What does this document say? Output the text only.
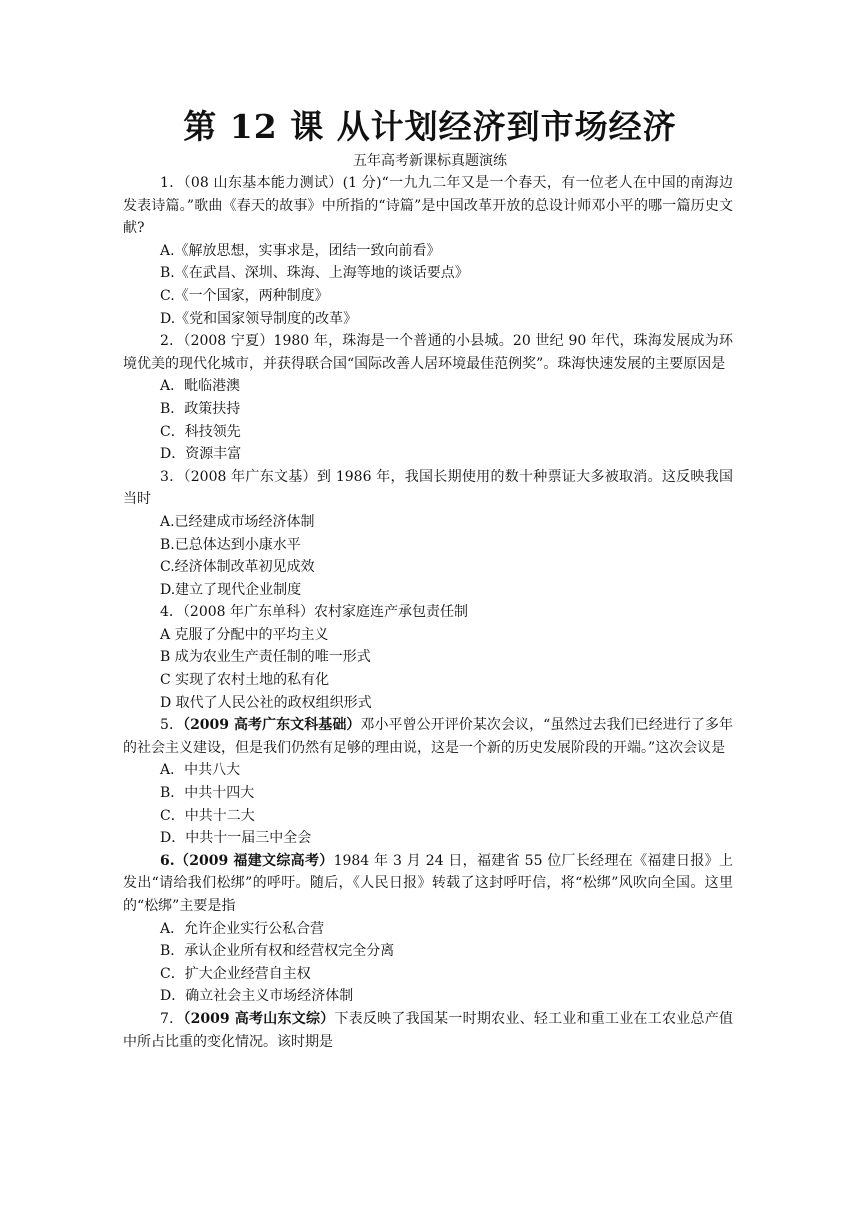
第 12 课 从计划经济到市场经济
五年高考新课标真题演练

1．（08 山东基本能力测试）(1 分)“一九九二年又是一个春天，有一位老人在中国的南海边发表诗篇。”歌曲《春天的故事》中所指的“诗篇”是中国改革开放的总设计师邓小平的哪一篇历史文献?

A.《解放思想，实事求是，团结一致向前看》

B.《在武昌、深圳、珠海、上海等地的谈话要点》

C.《一个国家，两种制度》

D.《党和国家领导制度的改革》

2．（2008 宁夏）1980 年，珠海是一个普通的小县城。20 世纪 90 年代，珠海发展成为环境优美的现代化城市，并获得联合国“国际改善人居环境最佳范例奖”。珠海快速发展的主要原因是

A．毗临港澳

B．政策扶持

C．科技领先

D．资源丰富

3．（2008 年广东文基）到 1986 年，我国长期使用的数十种票证大多被取消。这反映我国当时

A.已经建成市场经济体制

B.已总体达到小康水平

C.经济体制改革初见成效

D.建立了现代企业制度

4．（2008 年广东单科）农村家庭连产承包责任制

A 克服了分配中的平均主义

B 成为农业生产责任制的唯一形式

C 实现了农村土地的私有化

D 取代了人民公社的政权组织形式

5．（2009 高考广东文科基础）邓小平曾公开评价某次会议，“虽然过去我们已经进行了多年的社会主义建设，但是我们仍然有足够的理由说，这是一个新的历史发展阶段的开端。”这次会议是

A．中共八大

B．中共十四大

C．中共十二大

D．中共十一届三中全会

6.（2009 福建文综高考）1984 年 3 月 24 日，福建省 55 位厂长经理在《福建日报》上发出“请给我们松绑”的呼吁。随后，《人民日报》转载了这封呼吁信，将“松绑”风吹向全国。这里的“松绑”主要是指

A．允许企业实行公私合营

B．承认企业所有权和经营权完全分离

C．扩大企业经营自主权

D．确立社会主义市场经济体制

7．（2009 高考山东文综）下表反映了我国某一时期农业、轻工业和重工业在工农业总产值中所占比重的变化情况。该时期是
